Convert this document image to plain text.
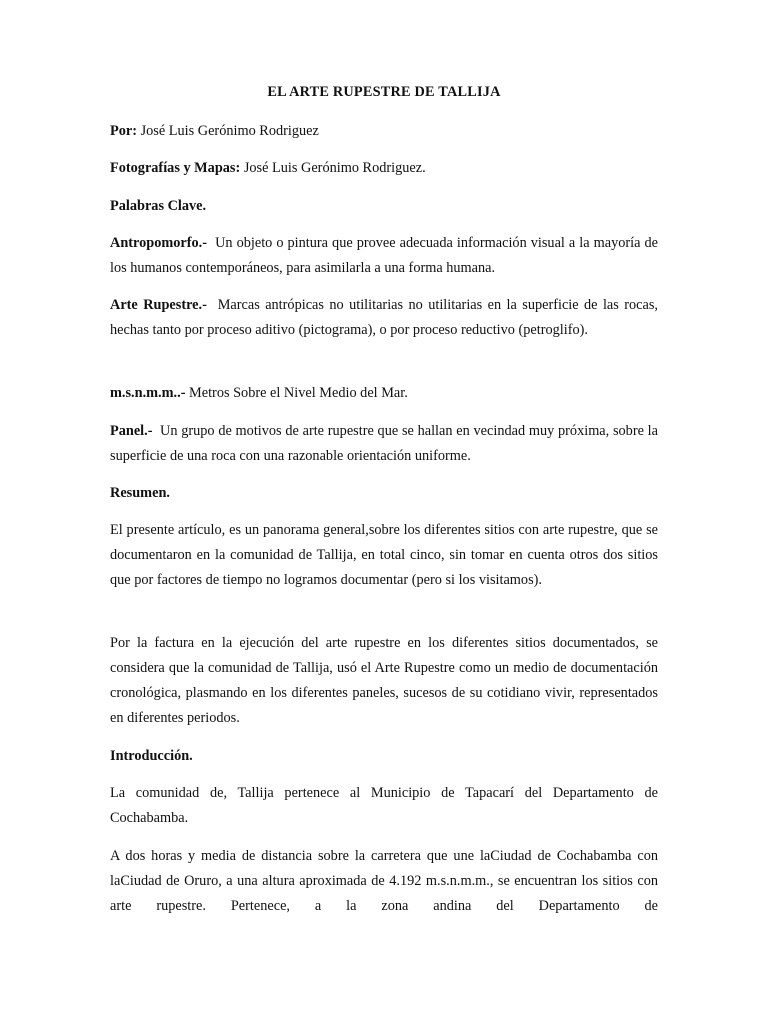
EL ARTE RUPESTRE DE TALLIJA

Por: José Luis Gerónimo Rodriguez

Fotografías y Mapas: José Luis Gerónimo Rodriguez.

Palabras Clave.

Antropomorfo.- Un objeto o pintura que provee adecuada información visual a la mayoría de los humanos contemporáneos, para asimilarla a una forma humana.

Arte Rupestre.- Marcas antrópicas no utilitarias no utilitarias en la superficie de las rocas, hechas tanto por proceso aditivo (pictograma), o por proceso reductivo (petroglifo).

m.s.n.m.m..- Metros Sobre el Nivel Medio del Mar.

Panel.- Un grupo de motivos de arte rupestre que se hallan en vecindad muy próxima, sobre la superficie de una roca con una razonable orientación uniforme.

Resumen.

El presente artículo, es un panorama general,sobre los diferentes sitios con arte rupestre, que se documentaron en la comunidad de Tallija, en total cinco, sin tomar en cuenta otros dos sitios que por factores de tiempo no logramos documentar (pero si los visitamos).

Por la factura en la ejecución del arte rupestre en los diferentes sitios documentados, se considera que la comunidad de Tallija, usó el Arte Rupestre como un medio de documentación cronológica, plasmando en los diferentes paneles, sucesos de su cotidiano vivir, representados en diferentes periodos.

Introducción.

La comunidad de, Tallija pertenece al Municipio de Tapacarí del Departamento de Cochabamba.

A dos horas y media de distancia sobre la carretera que une laCiudad de Cochabamba con laCiudad de Oruro, a una altura aproximada de 4.192 m.s.n.m.m., se encuentran los sitios con arte rupestre. Pertenece, a la zona andina del Departamento de
